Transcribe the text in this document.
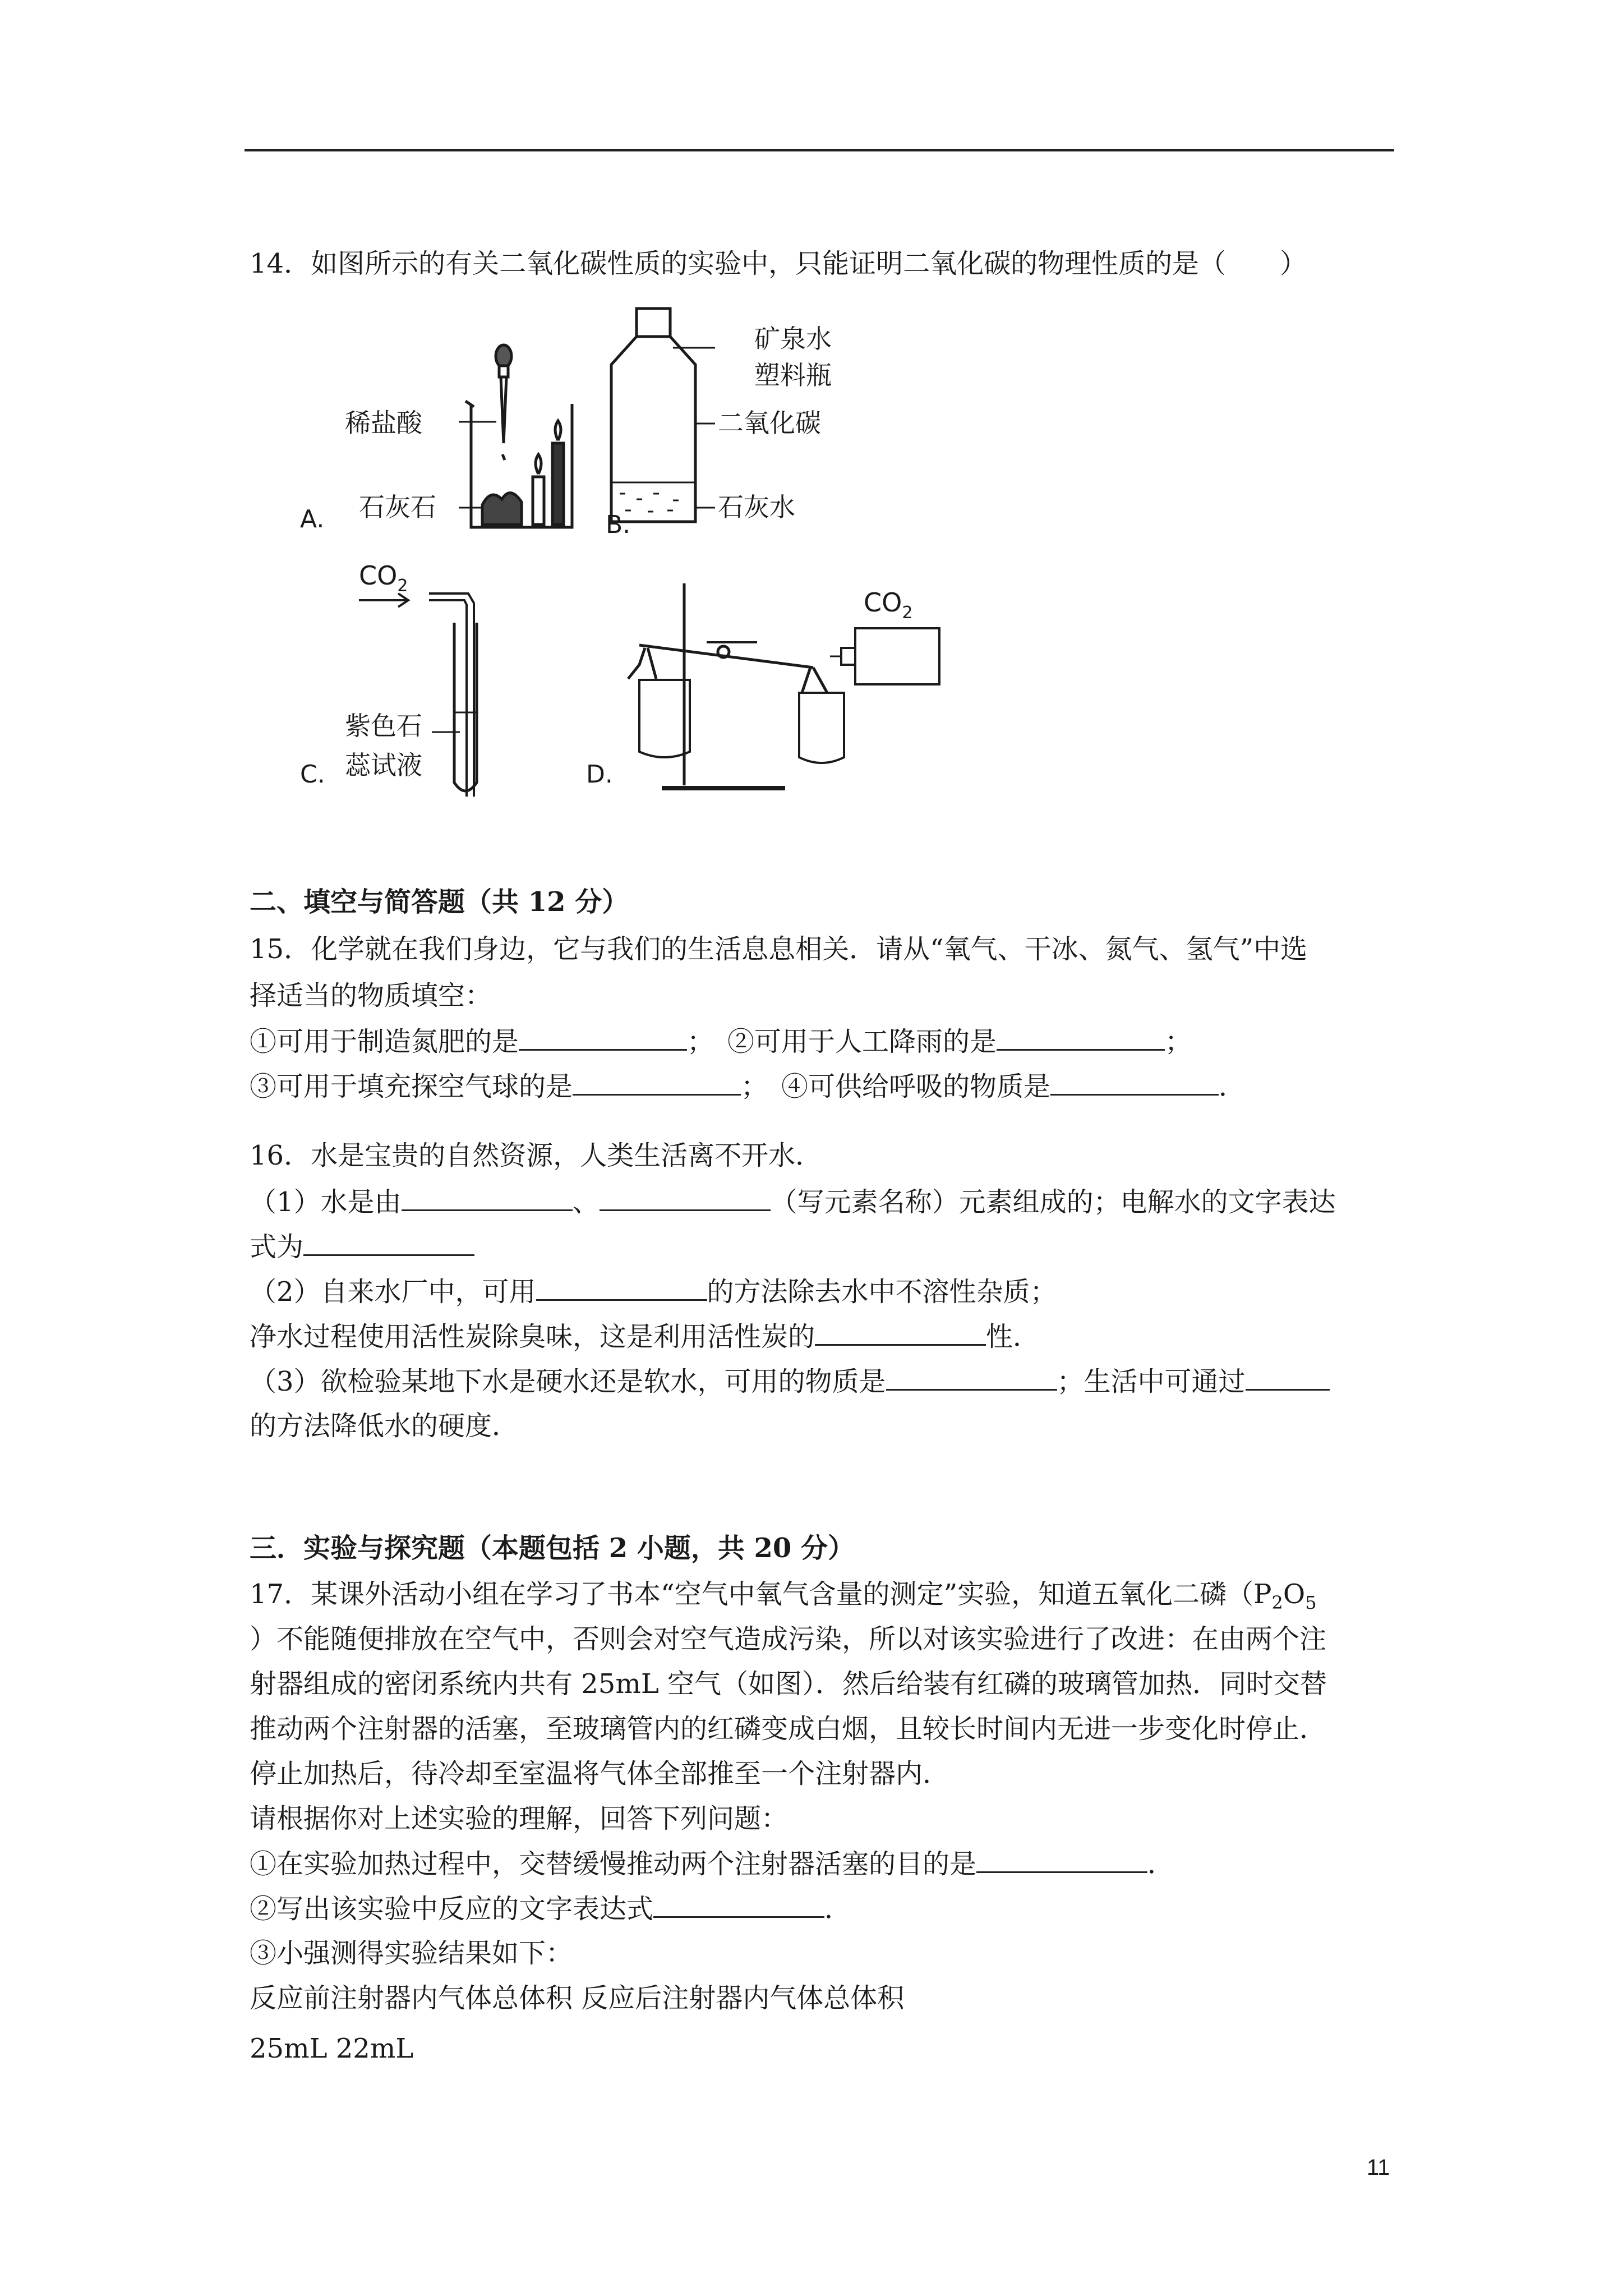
14．如图所示的有关二氧化碳性质的实验中，只能证明二氧化碳的物理性质的是（　　）
稀盐酸
石灰石
A.
矿泉水
塑料瓶
二氧化碳
石灰水
B.
$CO_2$
紫色石
蕊试液
C.
$CO_2$
D.
二、填空与简答题（共 12 分）
15．化学就在我们身边，它与我们的生活息息相关．请从“氧气、干冰、氮气、氢气”中选
择适当的物质填空：
①可用于制造氮肥的是	；　②可用于人工降雨的是	；
③可用于填充探空气球的是	；　④可供给呼吸的物质是	．
16．水是宝贵的自然资源，人类生活离不开水．
（1）水是由	、	（写元素名称）元素组成的；电解水的文字表达
式为
（2）自来水厂中，可用	的方法除去水中不溶性杂质；
净水过程使用活性炭除臭味，这是利用活性炭的	性．
（3）欲检验某地下水是硬水还是软水，可用的物质是	；生活中可通过
的方法降低水的硬度．
三．实验与探究题（本题包括 2 小题，共 20 分）
17．某课外活动小组在学习了书本“空气中氧气含量的测定”实验，知道五氧化二磷（$P_2O_5$
）不能随便排放在空气中，否则会对空气造成污染，所以对该实验进行了改进：在由两个注
射器组成的密闭系统内共有 25mL 空气（如图）．然后给装有红磷的玻璃管加热．同时交替
推动两个注射器的活塞，至玻璃管内的红磷变成白烟，且较长时间内无进一步变化时停止．
停止加热后，待冷却至室温将气体全部推至一个注射器内．
请根据你对上述实验的理解，回答下列问题：
①在实验加热过程中，交替缓慢推动两个注射器活塞的目的是	．
②写出该实验中反应的文字表达式	．
③小强测得实验结果如下：
反应前注射器内气体总体积 反应后注射器内气体总体积
25mL 22mL
11
